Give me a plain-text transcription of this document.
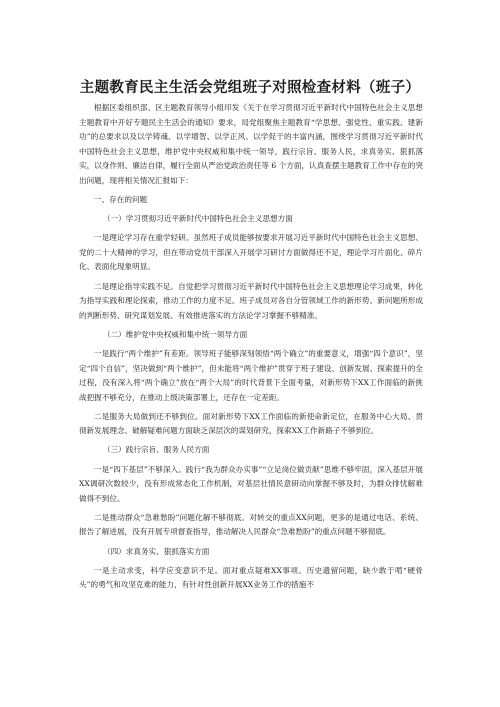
主题教育民主生活会党组班子对照检查材料（班子）

根据区委组织部、区主题教育领导小组印发《关于在学习贯彻习近平新时代中国特色社会主义思想主题教育中开好专题民主生活会的通知》要求，局党组聚焦主题教育“学思想、强党性、重实践、建新功”的总要求以及以学铸魂、以学增智、以学正风、以学促干的丰富内涵，围绕学习贯彻习近平新时代中国特色社会主义思想，维护党中央权威和集中统一领导，践行宗旨、服务人民，求真务实、狠抓落实，以身作则、廉洁自律，履行全面从严治党政治责任等 6 个方面，认真查摆主题教育工作中存在的突出问题，现将相关情况汇报如下：

一、存在的问题

（一）学习贯彻习近平新时代中国特色社会主义思想方面

一是理论学习存在重学轻研。虽然班子成员能够按要求开展习近平新时代中国特色社会主义思想、党的二十大精神的学习，但在带动党员干部深入开展学习研讨方面做得还不足，理论学习片面化、碎片化、表面化现象明显。

二是理论指导实践不足。自觉把学习贯彻习近平新时代中国特色社会主义思想理论学习成果，转化为指导实践和理论探索，推动工作的力度不足。班子成员对各自分管领域工作的新形势、新问题所形成的判断形势、研究谋划发展、有效推进落实的方法论学习掌握不够精准。

（二）维护党中央权威和集中统一领导方面

一是践行“两个维护”有差距。领导班子能够深刻领悟“两个确立”的重要意义，增强“四个意识”，坚定“四个自信”，坚决做到“两个维护”，但未能将“两个维护”贯穿于班子建设、创新发展、探索提升的全过程，没有深入将“两个确立”放在“两个大局”的时代背景下全面考量，对新形势下XX工作面临的新挑战把握不够充分，在推动上级决策部署上，还存在一定差距。

二是服务大局做到还不够到位。面对新形势下XX工作面临的新使命新定位，在服务中心大局、贯彻新发展理念、破解疑难问题方面缺乏深层次的谋划研究，探索XX工作新路子不够到位。

（三）践行宗旨、服务人民方面

一是“四下基层”不够深入。践行“我为群众办实事”“立足岗位做贡献”思维不够牢固，深入基层开展XX调研次数较少，没有形成常态化工作机制，对基层社情民意研动向掌握不够及时，为群众排忧解难做得不到位。

二是推动群众“急难愁盼”问题化解不够彻底。对转交的重点XX问题，更多的是通过电话、系统、报告了解进展，没有开展专项督查指导，推动解决人民群众“急难愁盼”的重点问题不够彻底。

（四）求真务实、狠抓落实方面

一是主动求变，科学应变意识不足。面对重点疑难XX事项、历史遗留问题，缺少敢于啃“硬骨头”的勇气和攻坚克难的能力，有针对性创新开展XX业务工作的措施不
